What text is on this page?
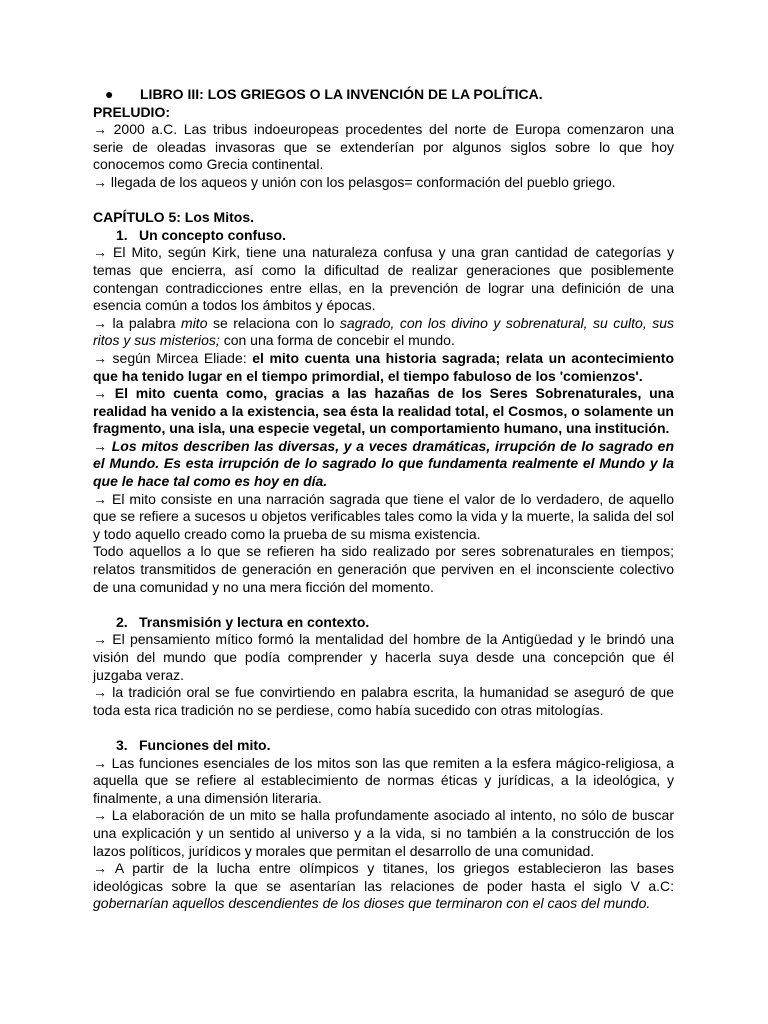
● LIBRO III: LOS GRIEGOS O LA INVENCIÓN DE LA POLÍTICA.

PRELUDIO:

→ 2000 a.C. Las tribus indoeuropeas procedentes del norte de Europa comenzaron una serie de oleadas invasoras que se extenderían por algunos siglos sobre lo que hoy conocemos como Grecia continental.

→ llegada de los aqueos y unión con los pelasgos= conformación del pueblo griego.

CAPÍTULO 5: Los Mitos.

1. Un concepto confuso.

→ El Mito, según Kirk, tiene una naturaleza confusa y una gran cantidad de categorías y temas que encierra, así como la dificultad de realizar generaciones que posiblemente contengan contradicciones entre ellas, en la prevención de lograr una definición de una esencia común a todos los ámbitos y épocas.

→ la palabra mito se relaciona con lo sagrado, con los divino y sobrenatural, su culto, sus ritos y sus misterios; con una forma de concebir el mundo.

→ según Mircea Eliade: el mito cuenta una historia sagrada; relata un acontecimiento que ha tenido lugar en el tiempo primordial, el tiempo fabuloso de los 'comienzos'.

→ El mito cuenta como, gracias a las hazañas de los Seres Sobrenaturales, una realidad ha venido a la existencia, sea ésta la realidad total, el Cosmos, o solamente un fragmento, una isla, una especie vegetal, un comportamiento humano, una institución.

→ Los mitos describen las diversas, y a veces dramáticas, irrupción de lo sagrado en el Mundo. Es esta irrupción de lo sagrado lo que fundamenta realmente el Mundo y la que le hace tal como es hoy en día.

→ El mito consiste en una narración sagrada que tiene el valor de lo verdadero, de aquello que se refiere a sucesos u objetos verificables tales como la vida y la muerte, la salida del sol y todo aquello creado como la prueba de su misma existencia.

Todo aquellos a lo que se refieren ha sido realizado por seres sobrenaturales en tiempos; relatos transmitidos de generación en generación que perviven en el inconsciente colectivo de una comunidad y no una mera ficción del momento.

2. Transmisión y lectura en contexto.

→ El pensamiento mítico formó la mentalidad del hombre de la Antigüedad y le brindó una visión del mundo que podía comprender y hacerla suya desde una concepción que él juzgaba veraz.

→ la tradición oral se fue convirtiendo en palabra escrita, la humanidad se aseguró de que toda esta rica tradición no se perdiese, como había sucedido con otras mitologías.

3. Funciones del mito.

→ Las funciones esenciales de los mitos son las que remiten a la esfera mágico-religiosa, a aquella que se refiere al establecimiento de normas éticas y jurídicas, a la ideológica, y finalmente, a una dimensión literaria.

→ La elaboración de un mito se halla profundamente asociado al intento, no sólo de buscar una explicación y un sentido al universo y a la vida, si no también a la construcción de los lazos políticos, jurídicos y morales que permitan el desarrollo de una comunidad.

→ A partir de la lucha entre olímpicos y titanes, los griegos establecieron las bases ideológicas sobre la que se asentarían las relaciones de poder hasta el siglo V a.C: gobernarían aquellos descendientes de los dioses que terminaron con el caos del mundo.
